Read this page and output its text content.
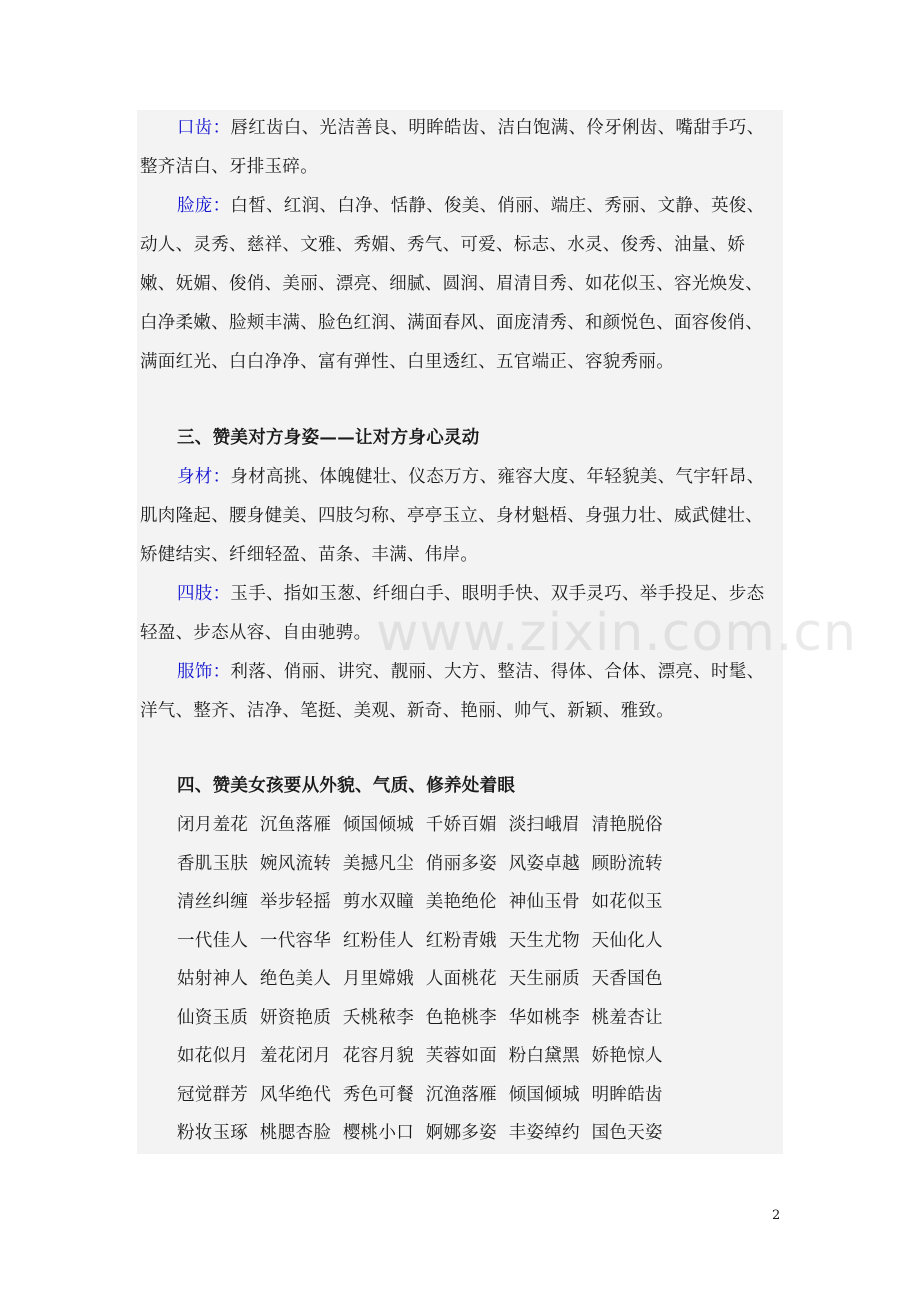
口齿：唇红齿白、光洁善良、明眸皓齿、洁白饱满、伶牙俐齿、嘴甜手巧、整齐洁白、牙排玉碎。

脸庞：白皙、红润、白净、恬静、俊美、俏丽、端庄、秀丽、文静、英俊、动人、灵秀、慈祥、文雅、秀媚、秀气、可爱、标志、水灵、俊秀、油量、娇嫩、妩媚、俊俏、美丽、漂亮、细腻、圆润、眉清目秀、如花似玉、容光焕发、白净柔嫩、脸颊丰满、脸色红润、满面春风、面庞清秀、和颜悦色、面容俊俏、满面红光、白白净净、富有弹性、白里透红、五官端正、容貌秀丽。

三、赞美对方身姿——让对方身心灵动

身材：身材高挑、体魄健壮、仪态万方、雍容大度、年轻貌美、气宇轩昂、肌肉隆起、腰身健美、四肢匀称、亭亭玉立、身材魁梧、身强力壮、威武健壮、矫健结实、纤细轻盈、苗条、丰满、伟岸。

四肢：玉手、指如玉葱、纤细白手、眼明手快、双手灵巧、举手投足、步态轻盈、步态从容、自由驰骋。

服饰：利落、俏丽、讲究、靓丽、大方、整洁、得体、合体、漂亮、时髦、洋气、整齐、洁净、笔挺、美观、新奇、艳丽、帅气、新颖、雅致。

四、赞美女孩要从外貌、气质、修养处着眼

闭月羞花  沉鱼落雁  倾国倾城  千娇百媚  淡扫峨眉  清艳脱俗

香肌玉肤  婉风流转  美撼凡尘  俏丽多姿  风姿卓越  顾盼流转

清丝纠缠  举步轻摇  剪水双瞳  美艳绝伦  神仙玉骨  如花似玉

一代佳人  一代容华  红粉佳人  红粉青娥  天生尤物  天仙化人

姑射神人  绝色美人  月里嫦娥  人面桃花  天生丽质  天香国色

仙资玉质  妍资艳质  夭桃秾李  色艳桃李  华如桃李  桃羞杏让

如花似月  羞花闭月  花容月貌  芙蓉如面  粉白黛黑  娇艳惊人

冠觉群芳  风华绝代  秀色可餐  沉渔落雁  倾国倾城  明眸皓齿

粉妆玉琢  桃腮杏脸  樱桃小口  婀娜多姿  丰姿绰约  国色天姿

www.zixin.com.cn
2
